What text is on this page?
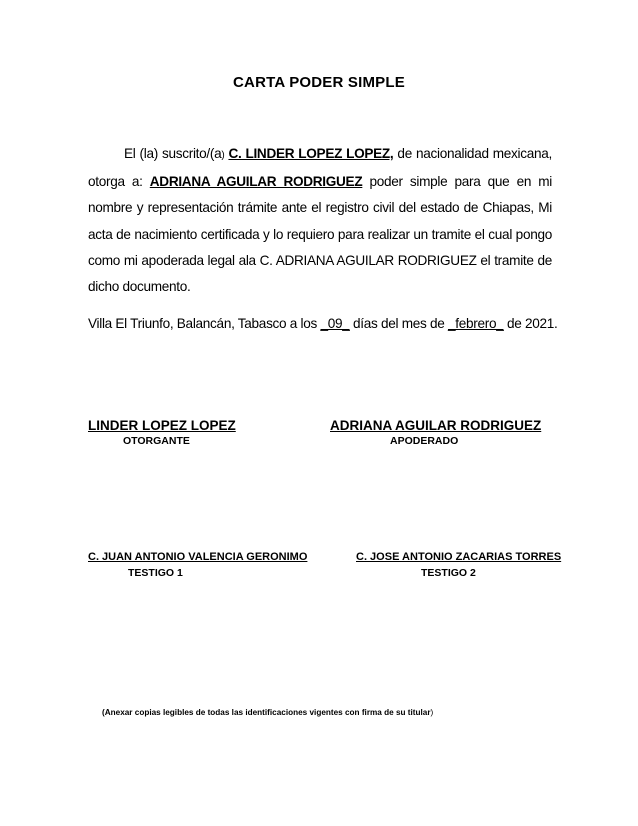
CARTA PODER SIMPLE
El (la) suscrito/(a) C. LINDER LOPEZ LOPEZ, de nacionalidad mexicana, otorga a: ADRIANA AGUILAR RODRIGUEZ poder simple para que en mi nombre y representación trámite ante el registro civil del estado de Chiapas, Mi acta de nacimiento certificada y lo requiero para realizar un tramite el cual pongo como mi apoderada legal ala C. ADRIANA AGUILAR RODRIGUEZ el tramite de dicho documento.
Villa El Triunfo, Balancán, Tabasco a los _09_ días del mes de _febrero_ de 2021.
LINDER LOPEZ LOPEZ
OTORGANTE
ADRIANA AGUILAR RODRIGUEZ
APODERADO
C. JUAN ANTONIO VALENCIA GERONIMO
TESTIGO 1
C. JOSE ANTONIO ZACARIAS TORRES
TESTIGO 2
(Anexar copias legibles de todas las identificaciones vigentes con firma de su titular)
